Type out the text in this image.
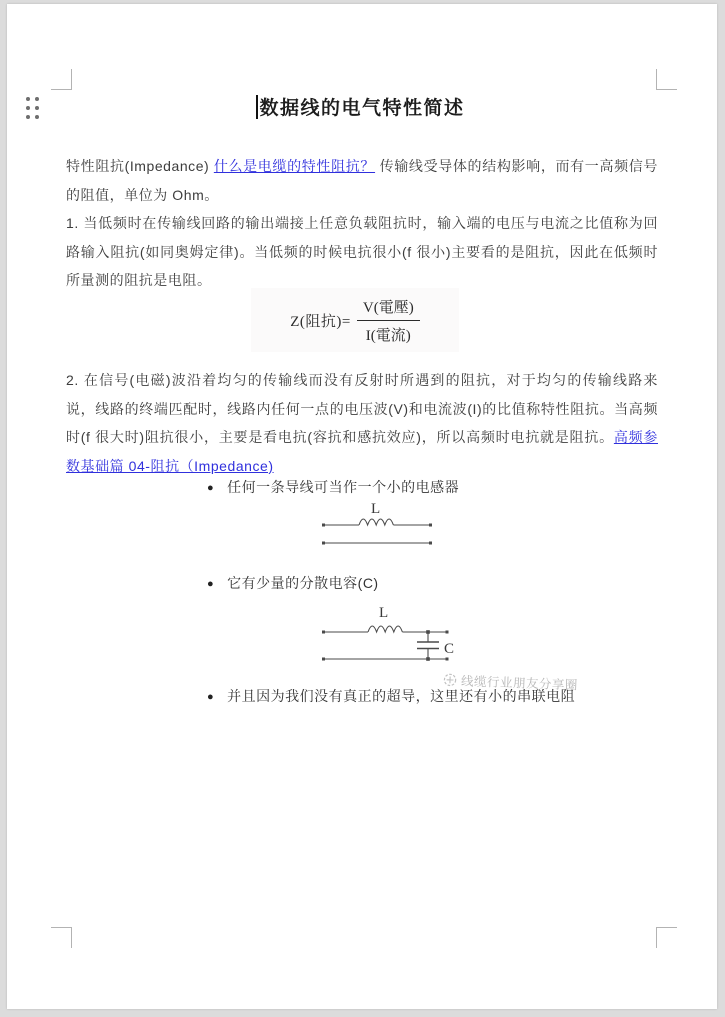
数据线的电气特性简述

特性阻抗(Impedance) 什么是电缆的特性阻抗？ 传输线受导体的结构影响，而有一高频信号的阻值，单位为 Ohm。

1. 当低频时在传输线回路的输出端接上任意负载阻抗时，输入端的电压与电流之比值称为回 路输入阻抗(如同奥姆定律)。当低频的时候电抗很小(f 很小)主要看的是阻抗，因此在低频时所量测的阻抗是电阻。

Z(阻抗)= $\frac{\text{V(電壓)}}{\text{I(電流)}}$

2. 在信号(电磁)波沿着均匀的传输线而没有反射时所遇到的阻抗，对于均匀的传输线路来 说，线路的终端匹配时，线路内任何一点的电压波(V)和电流波(I)的比值称特性阻抗。当高频时(f 很大时)阻抗很小，主要是看电抗(容抗和感抗效应)，所以高频时电抗就是阻抗。高频参数基础篇 04-阻抗（Impedance)

● 任何一条导线可当作一个小的电感器
L
● 它有少量的分散电容(C)
L
C
● 并且因为我们没有真正的超导，这里还有小的串联电阻
线缆行业朋友分享圈
